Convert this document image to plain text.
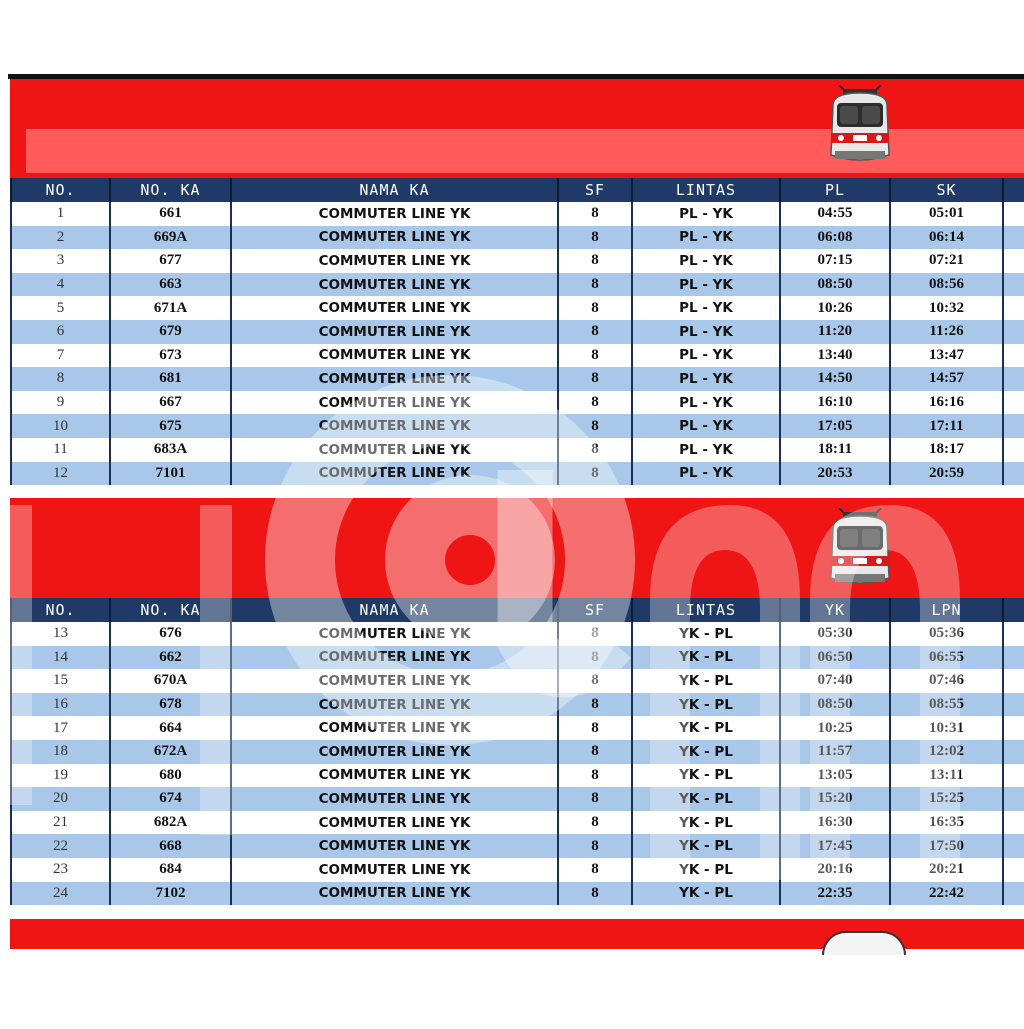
NO.	NO. KA	NAMA KA	SF	LINTAS	PL	SK	
1	661	COMMUTER LINE YK	8	PL - YK	04:55	05:01	
2	669A	COMMUTER LINE YK	8	PL - YK	06:08	06:14	
3	677	COMMUTER LINE YK	8	PL - YK	07:15	07:21	
4	663	COMMUTER LINE YK	8	PL - YK	08:50	08:56	
5	671A	COMMUTER LINE YK	8	PL - YK	10:26	10:32	
6	679	COMMUTER LINE YK	8	PL - YK	11:20	11:26	
7	673	COMMUTER LINE YK	8	PL - YK	13:40	13:47	
8	681	COMMUTER LINE YK	8	PL - YK	14:50	14:57	
9	667	COMMUTER LINE YK	8	PL - YK	16:10	16:16	
10	675	COMMUTER LINE YK	8	PL - YK	17:05	17:11	
11	683A	COMMUTER LINE YK	8	PL - YK	18:11	18:17	
12	7101	COMMUTER LINE YK	8	PL - YK	20:53	20:59	
NO.	NO. KA	NAMA KA	SF	LINTAS	YK	LPN	
13	676	COMMUTER LINE YK	8	YK - PL	05:30	05:36	
14	662	COMMUTER LINE YK	8	YK - PL	06:50	06:55	
15	670A	COMMUTER LINE YK	8	YK - PL	07:40	07:46	
16	678	COMMUTER LINE YK	8	YK - PL	08:50	08:55	
17	664	COMMUTER LINE YK	8	YK - PL	10:25	10:31	
18	672A	COMMUTER LINE YK	8	YK - PL	11:57	12:02	
19	680	COMMUTER LINE YK	8	YK - PL	13:05	13:11	
20	674	COMMUTER LINE YK	8	YK - PL	15:20	15:25	
21	682A	COMMUTER LINE YK	8	YK - PL	16:30	16:35	
22	668	COMMUTER LINE YK	8	YK - PL	17:45	17:50	
23	684	COMMUTER LINE YK	8	YK - PL	20:16	20:21	
24	7102	COMMUTER LINE YK	8	YK - PL	22:35	22:42	
